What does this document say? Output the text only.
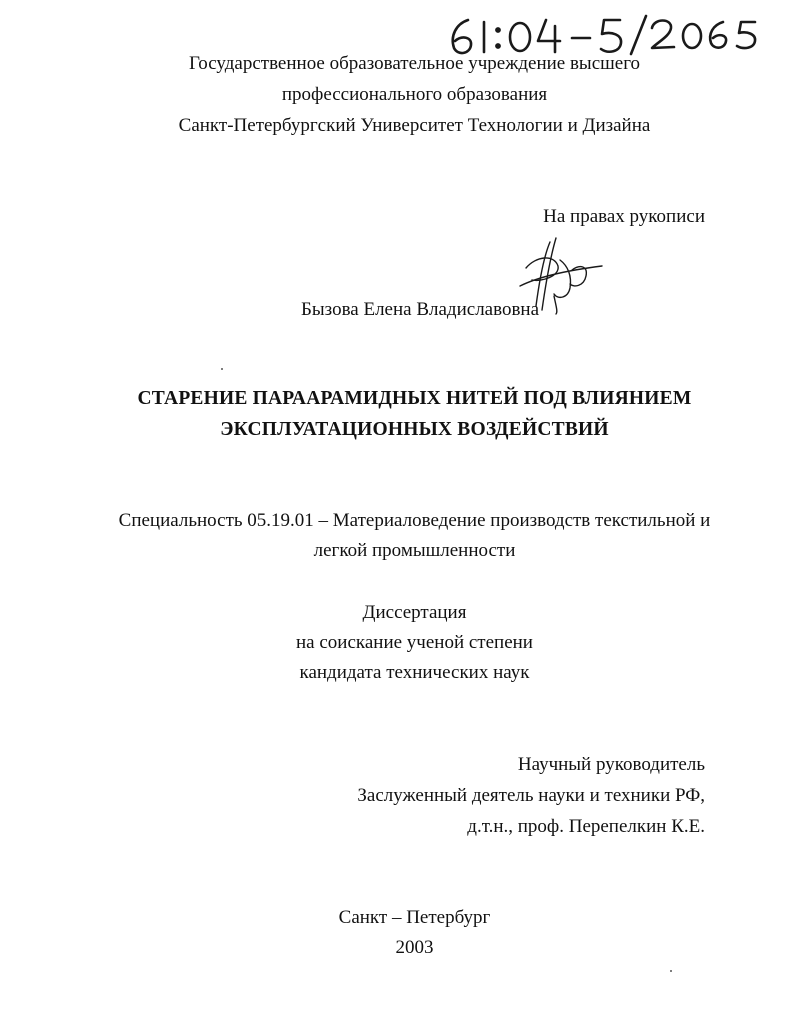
Государственное образовательное учреждение высшего
профессионального образования
Санкт-Петербургский Университет Технологии и Дизайна
На правах рукописи
Бызова Елена Владиславовна
СТАРЕНИЕ ПАРААРАМИДНЫХ НИТЕЙ ПОД ВЛИЯНИЕМ
ЭКСПЛУАТАЦИОННЫХ ВОЗДЕЙСТВИЙ
Специальность 05.19.01 – Материаловедение производств текстильной и
легкой промышленности
Диссертация
на соискание ученой степени
кандидата технических наук
Научный руководитель
Заслуженный деятель науки и техники РФ,
д.т.н., проф. Перепелкин К.Е.
Санкт – Петербург
2003
